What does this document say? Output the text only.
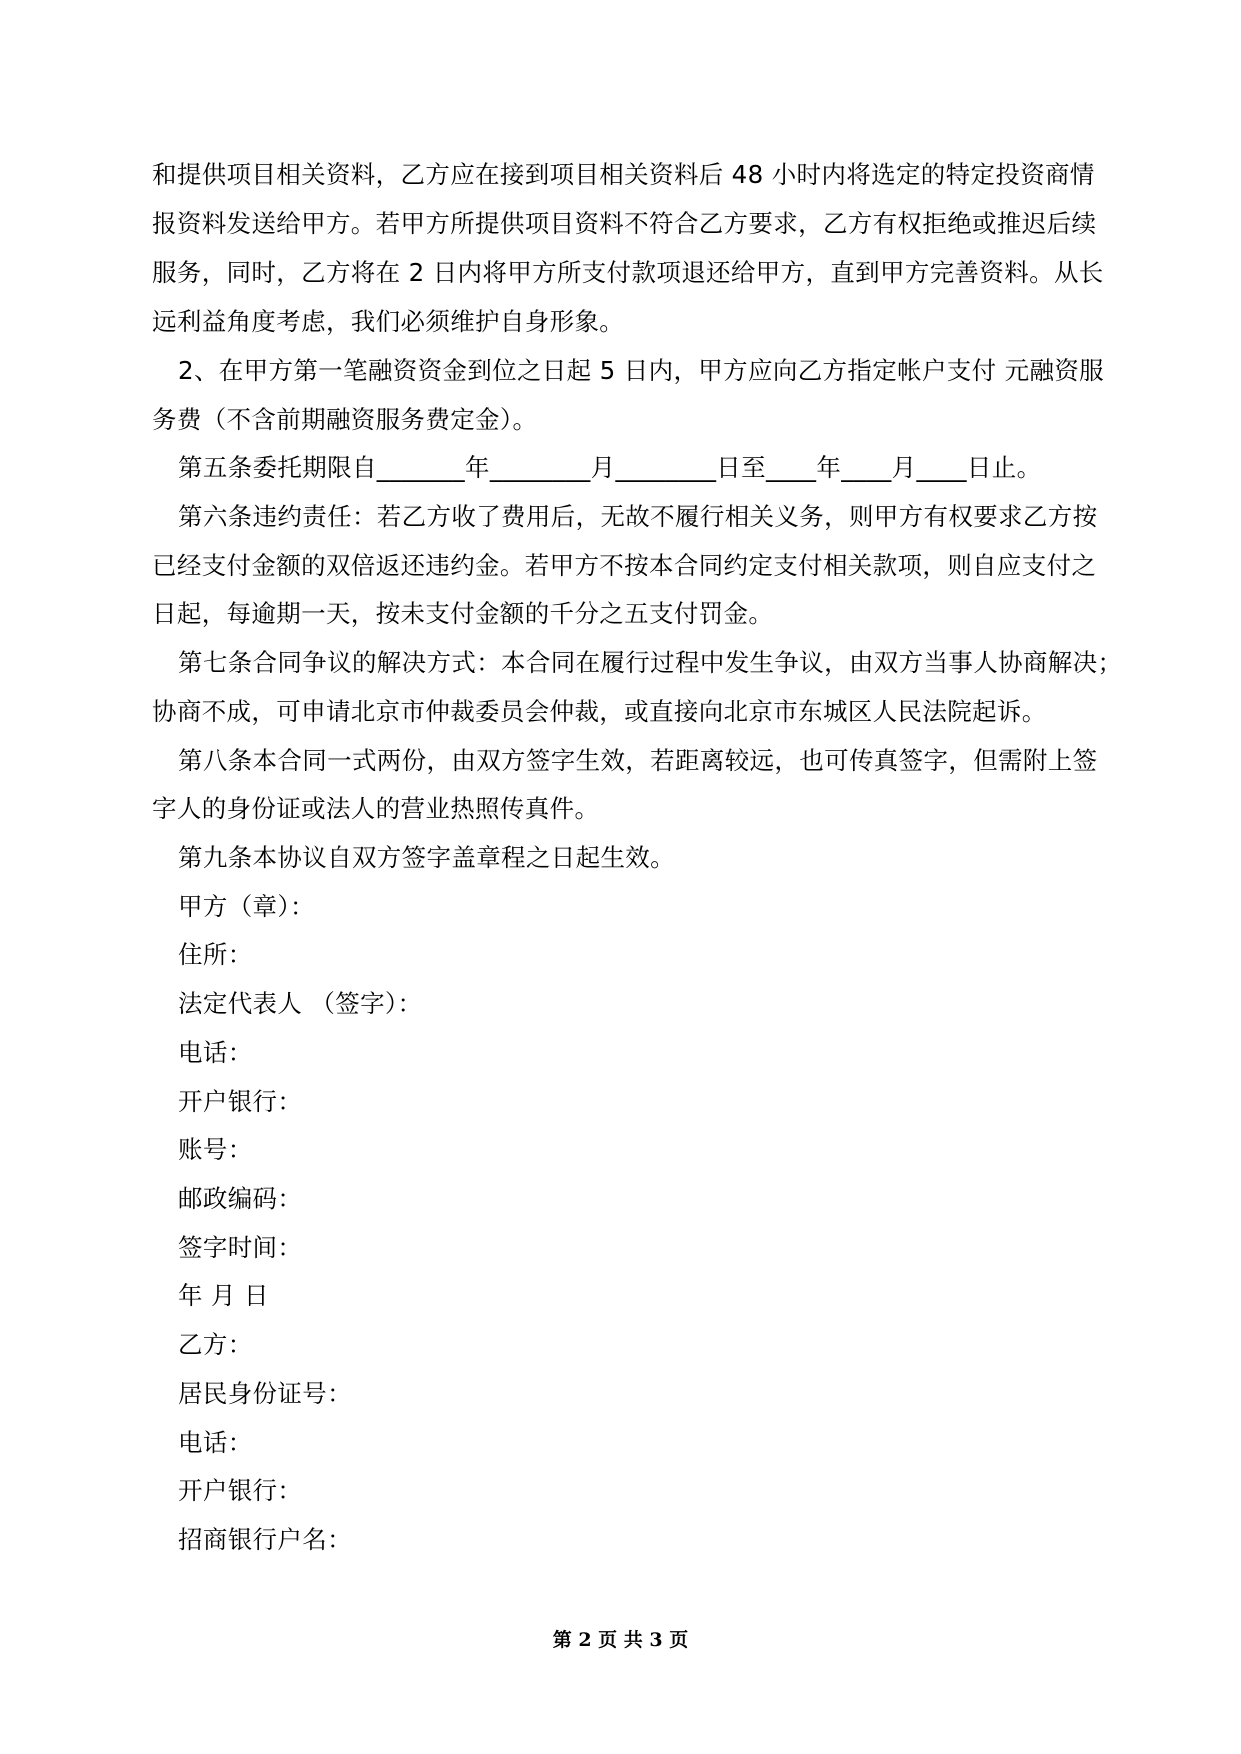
和提供项目相关资料，乙方应在接到项目相关资料后 48 小时内将选定的特定投资商情
报资料发送给甲方。若甲方所提供项目资料不符合乙方要求，乙方有权拒绝或推迟后续
服务，同时，乙方将在 2 日内将甲方所支付款项退还给甲方，直到甲方完善资料。从长
远利益角度考虑，我们必须维护自身形象。
2、在甲方第一笔融资资金到位之日起 5 日内，甲方应向乙方指定帐户支付 元融资服
务费（不含前期融资服务费定金）。
第五条委托期限自_______年________月________日至____年____月____日止。
第六条违约责任：若乙方收了费用后，无故不履行相关义务，则甲方有权要求乙方按
已经支付金额的双倍返还违约金。若甲方不按本合同约定支付相关款项，则自应支付之
日起，每逾期一天，按未支付金额的千分之五支付罚金。
第七条合同争议的解决方式：本合同在履行过程中发生争议，由双方当事人协商解决；
协商不成，可申请北京市仲裁委员会仲裁，或直接向北京市东城区人民法院起诉。
第八条本合同一式两份，由双方签字生效，若距离较远，也可传真签字，但需附上签
字人的身份证或法人的营业热照传真件。
第九条本协议自双方签字盖章程之日起生效。
甲方（章）：
住所：
法定代表人 （签字）：
电话：
开户银行：
账号：
邮政编码：
签字时间：
年 月 日
乙方：
居民身份证号：
电话：
开户银行：
招商银行户名：
第 2 页 共 3 页
